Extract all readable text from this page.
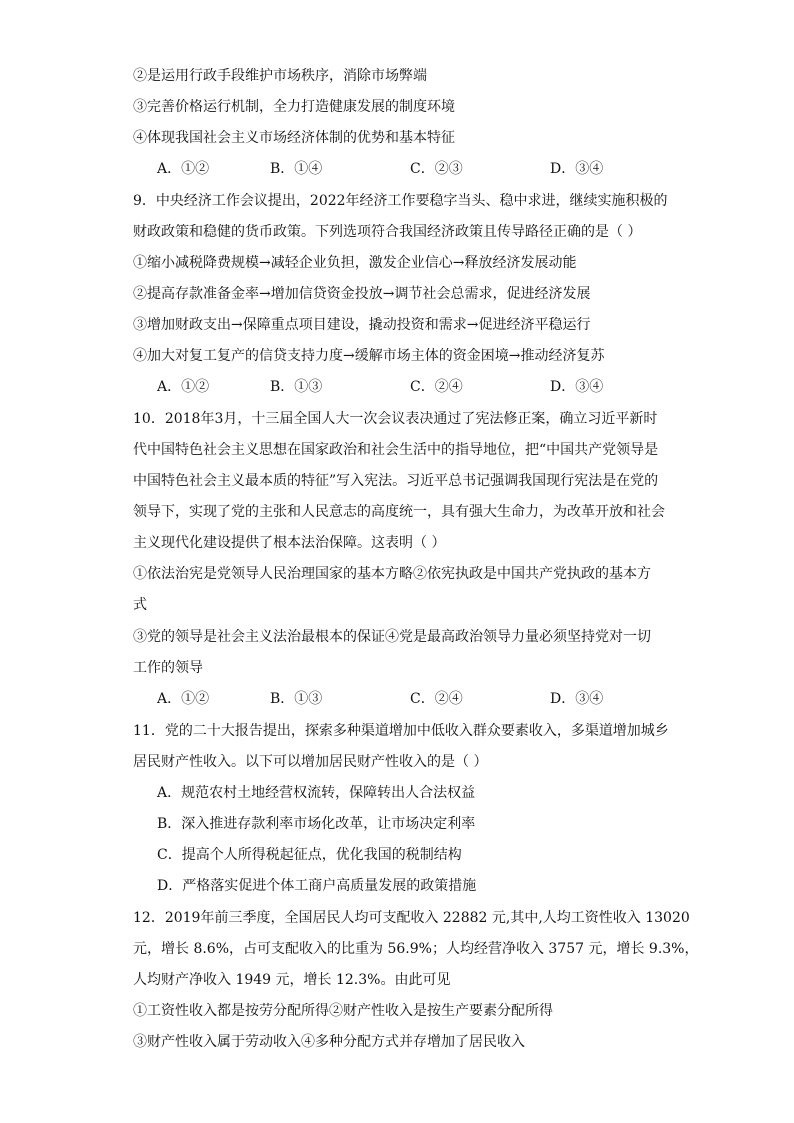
②是运用行政手段维护市场秩序，消除市场弊端
③完善价格运行机制，全力打造健康发展的制度环境
④体现我国社会主义市场经济体制的优势和基本特征
A．①②	B．①④	C．②③	D．③④
9．中央经济工作会议提出，2022年经济工作要稳字当头、稳中求进，继续实施积极的
财政政策和稳健的货币政策。下列选项符合我国经济政策且传导路径正确的是（ ）
①缩小减税降费规模→减轻企业负担，激发企业信心→释放经济发展动能
②提高存款准备金率→增加信贷资金投放→调节社会总需求，促进经济发展
③增加财政支出→保障重点项目建设，撬动投资和需求→促进经济平稳运行
④加大对复工复产的信贷支持力度→缓解市场主体的资金困境→推动经济复苏
A．①②	B．①③	C．②④	D．③④
10．2018年3月，十三届全国人大一次会议表决通过了宪法修正案，确立习近平新时
代中国特色社会主义思想在国家政治和社会生活中的指导地位，把“中国共产党领导是
中国特色社会主义最本质的特征”写入宪法。习近平总书记强调我国现行宪法是在党的
领导下，实现了党的主张和人民意志的高度统一，具有强大生命力，为改革开放和社会
主义现代化建设提供了根本法治保障。这表明（ ）
①依法治宪是党领导人民治理国家的基本方略②依宪执政是中国共产党执政的基本方
式
③党的领导是社会主义法治最根本的保证④党是最高政治领导力量必须坚持党对一切
工作的领导
A．①②	B．①③	C．②④	D．③④
11．党的二十大报告提出，探索多种渠道增加中低收入群众要素收入，多渠道增加城乡
居民财产性收入。以下可以增加居民财产性收入的是（ ）
A．规范农村土地经营权流转，保障转出人合法权益
B．深入推进存款利率市场化改革，让市场决定利率
C．提高个人所得税起征点，优化我国的税制结构
D．严格落实促进个体工商户高质量发展的政策措施
12．2019年前三季度，全国居民人均可支配收入 22882 元,其中,人均工资性收入 13020
元，增长 8.6%，占可支配收入的比重为 56.9%；人均经营净收入 3757 元，增长 9.3%，
人均财产净收入 1949 元，增长 12.3%。由此可见
①工资性收入都是按劳分配所得②财产性收入是按生产要素分配所得
③财产性收入属于劳动收入④多种分配方式并存增加了居民收入
